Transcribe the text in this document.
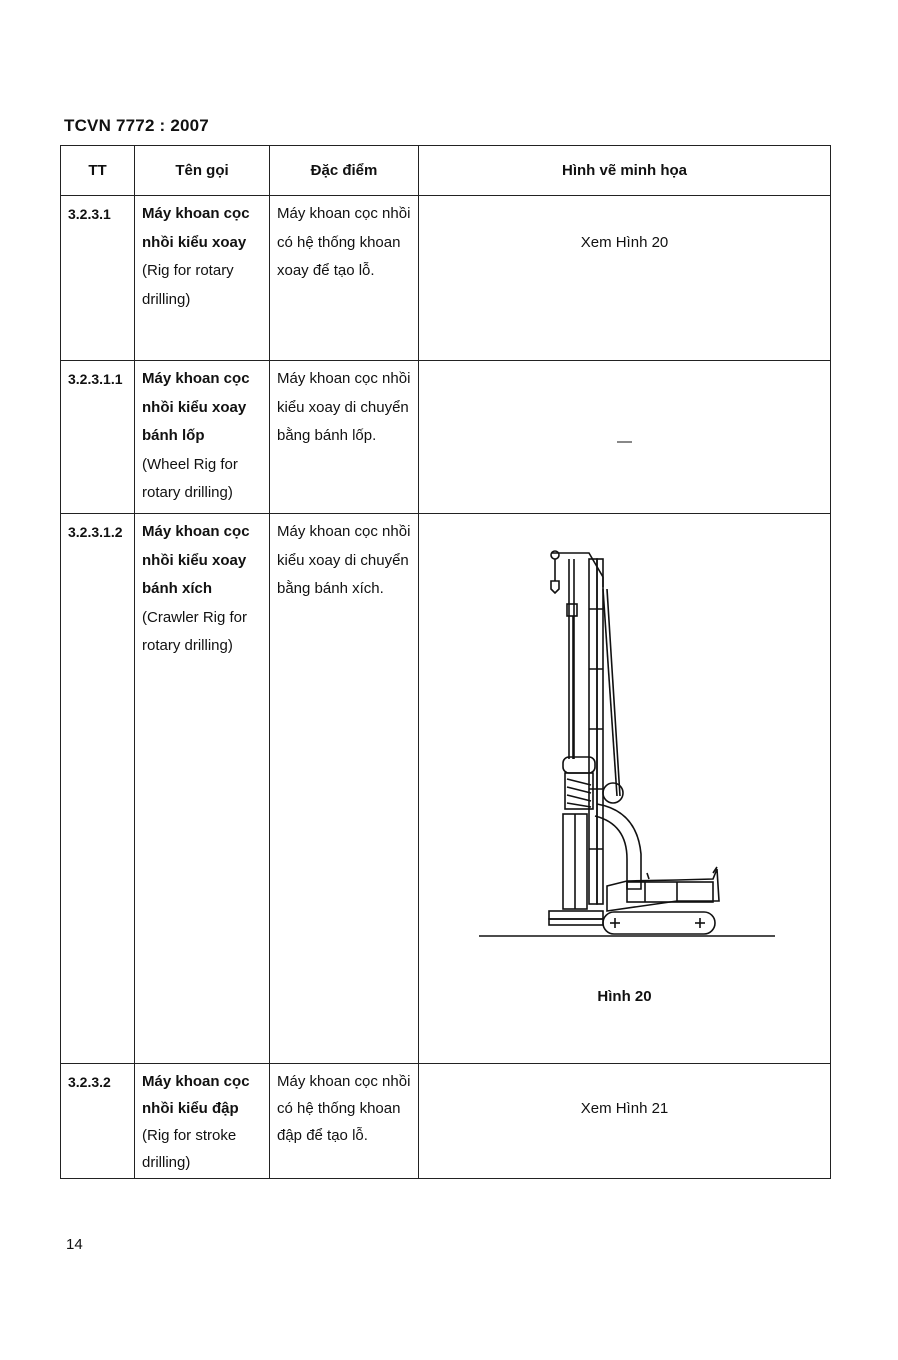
TCVN 7772 : 2007
TT	Tên gọi	Đặc điểm	Hình vẽ minh họa

3.2.3.1	Máy khoan cọc
nhồi kiểu xoay
(Rig for rotary drilling)	Máy khoan cọc nhồi có hệ thống khoan xoay để tạo lỗ.	Xem Hình 20

3.2.3.1.1	Máy khoan cọc
nhồi kiểu xoay
bánh lốp
(Wheel Rig for rotary drilling)	Máy khoan cọc nhồi kiểu xoay di chuyển bằng bánh lốp.	—

3.2.3.1.2	Máy khoan cọc
nhồi kiểu xoay
bánh xích
(Crawler Rig for rotary drilling)	Máy khoan cọc nhồi kiểu xoay di chuyển bằng bánh xích.	Hình 20

3.2.3.2	Máy khoan cọc
nhồi kiểu đập
(Rig for stroke drilling)	Máy khoan cọc nhồi có hệ thống khoan đập để tạo lỗ.	Xem Hình 21
14
